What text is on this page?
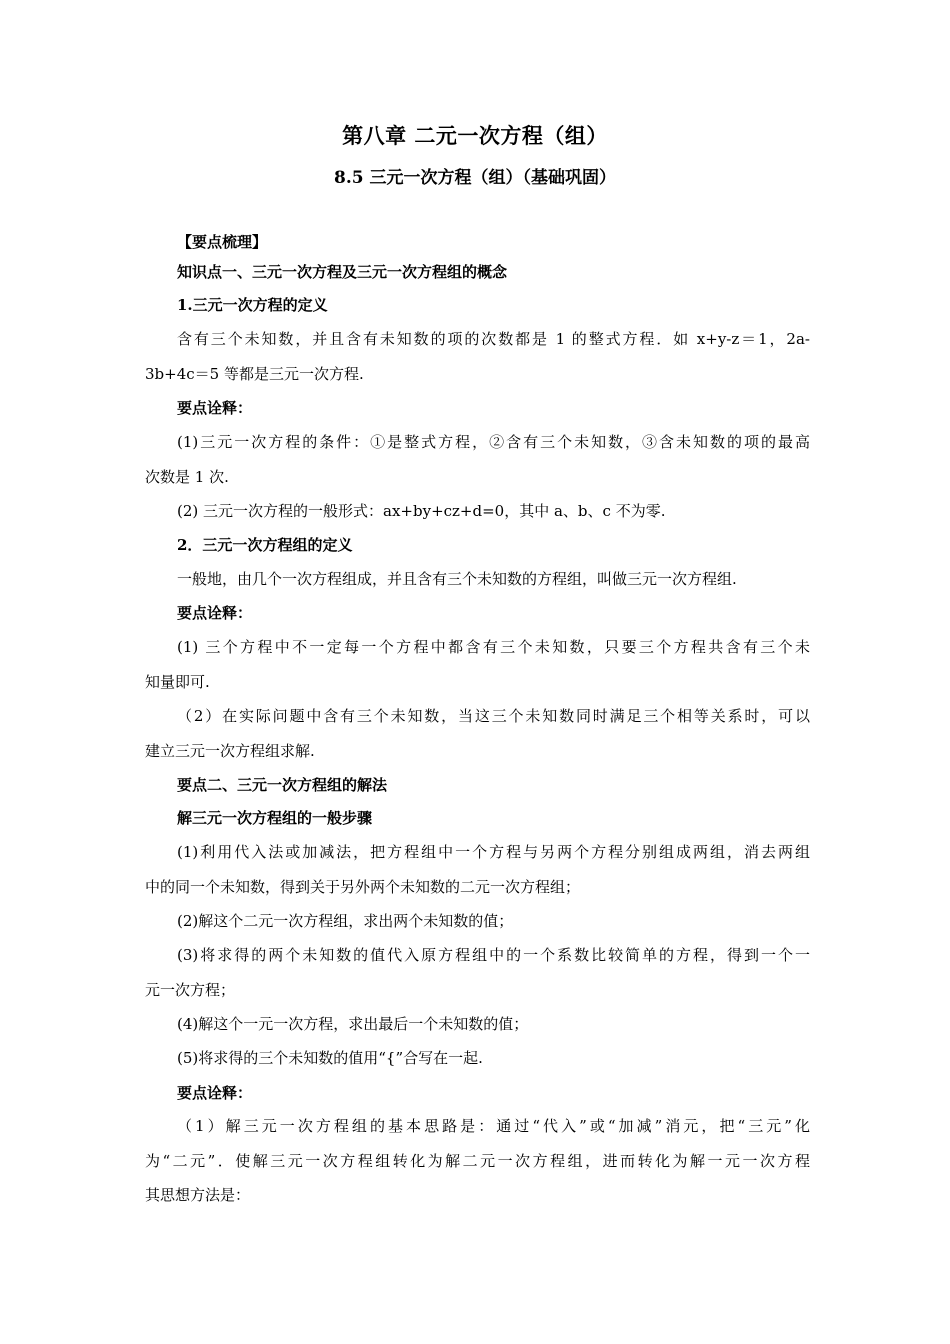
第八章 二元一次方程（组）
8.5 三元一次方程（组）（基础巩固）
【要点梳理】
知识点一、三元一次方程及三元一次方程组的概念
1.三元一次方程的定义
含有三个未知数，并且含有未知数的项的次数都是 1 的整式方程．如 x+y-z＝1，2a-
3b+4c＝5 等都是三元一次方程.
要点诠释：
(1)三元一次方程的条件：①是整式方程，②含有三个未知数，③含未知数的项的最高
次数是 1 次.
(2) 三元一次方程的一般形式：ax+by+cz+d=0，其中 a、b、c 不为零.
2．三元一次方程组的定义
一般地，由几个一次方程组成，并且含有三个未知数的方程组，叫做三元一次方程组.
要点诠释：
(1) 三个方程中不一定每一个方程中都含有三个未知数，只要三个方程共含有三个未
知量即可.
（2）在实际问题中含有三个未知数，当这三个未知数同时满足三个相等关系时，可以
建立三元一次方程组求解.
要点二、三元一次方程组的解法
解三元一次方程组的一般步骤
(1)利用代入法或加减法，把方程组中一个方程与另两个方程分别组成两组，消去两组
中的同一个未知数，得到关于另外两个未知数的二元一次方程组；
(2)解这个二元一次方程组，求出两个未知数的值；
(3)将求得的两个未知数的值代入原方程组中的一个系数比较简单的方程，得到一个一
元一次方程；
(4)解这个一元一次方程，求出最后一个未知数的值；
(5)将求得的三个未知数的值用“{”合写在一起.
要点诠释：
（1）解三元一次方程组的基本思路是：通过“代入”或“加减”消元，把“三元”化
为“二元”．使解三元一次方程组转化为解二元一次方程组，进而转化为解一元一次方程
其思想方法是：
